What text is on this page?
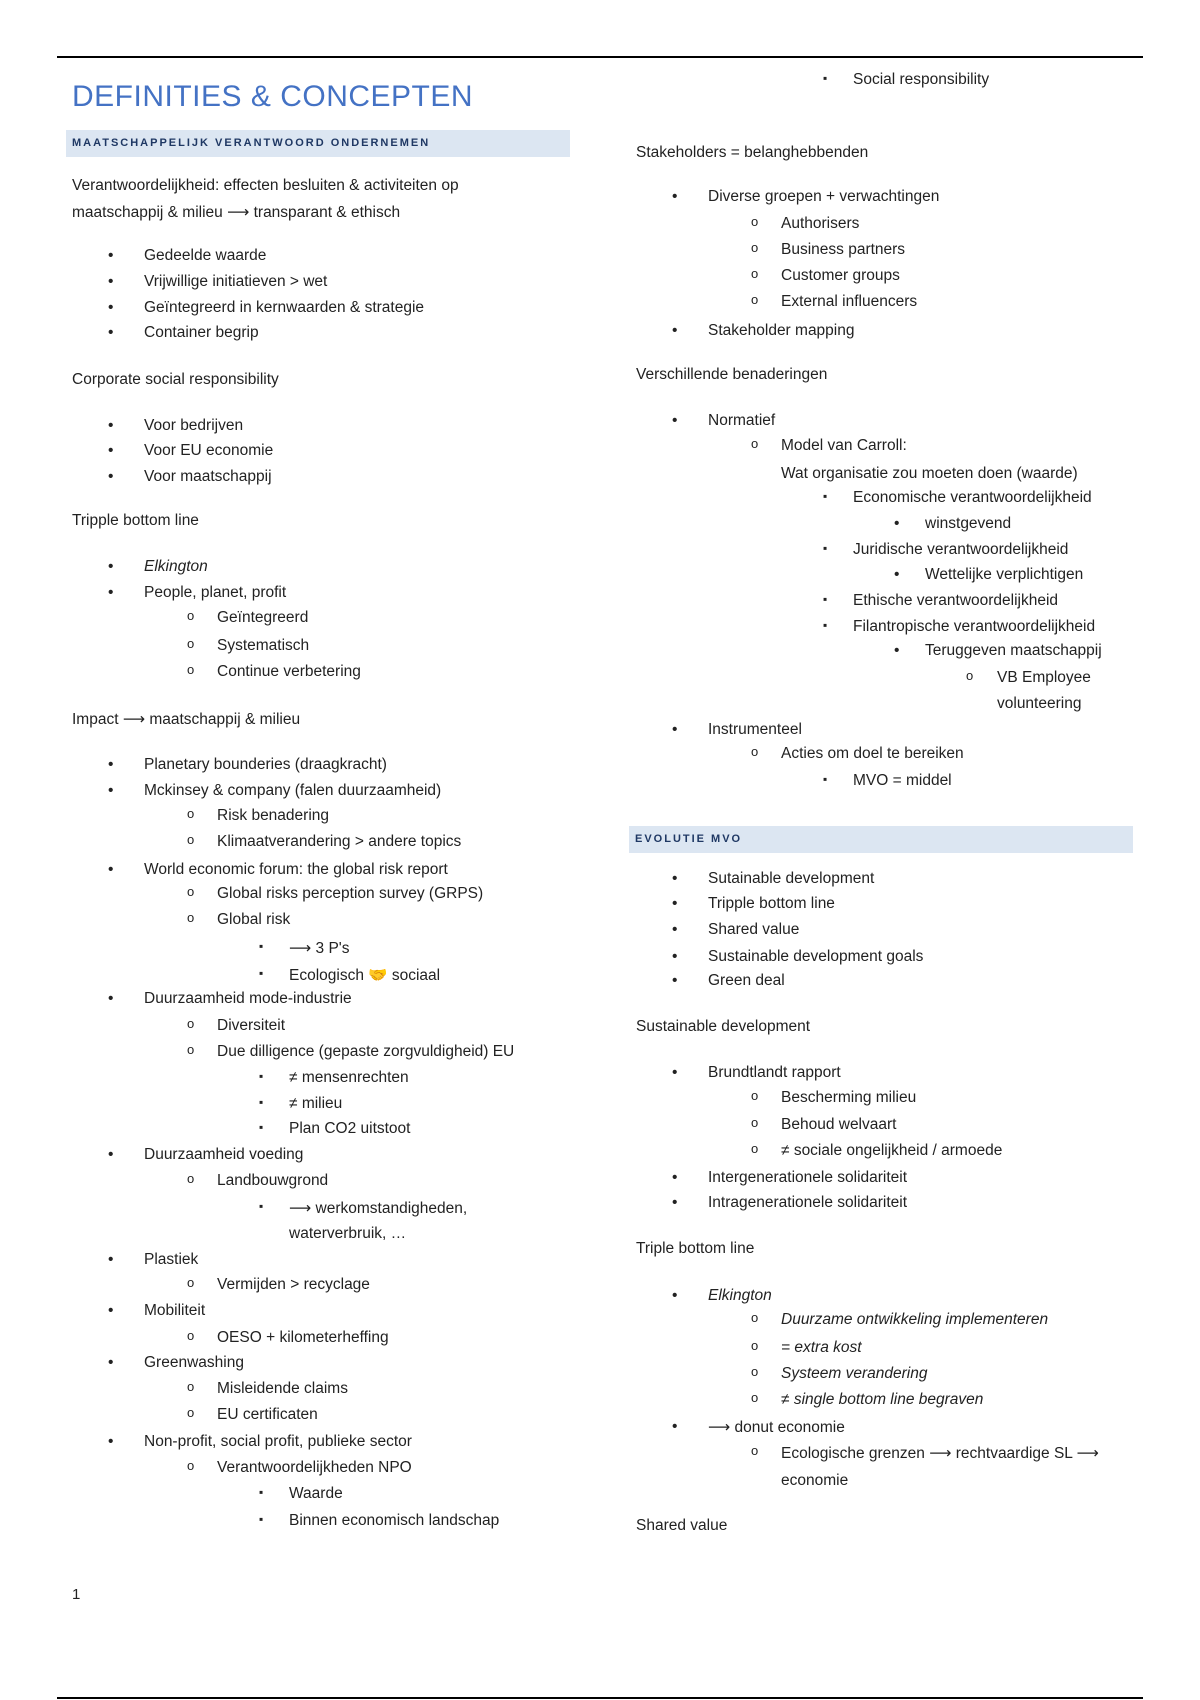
DEFINITIES & CONCEPTEN
MAATSCHAPPELIJK VERANTWOORD ONDERNEMEN
EVOLUTIE MVO
Verantwoordelijkheid: effecten besluiten & activiteiten op
maatschappij & milieu ⟶ transparant & ethisch
• Gedeelde waarde
• Vrijwillige initiatieven > wet
• Geïntegreerd in kernwaarden & strategie
• Container begrip
Corporate social responsibility
• Voor bedrijven
• Voor EU economie
• Voor maatschappij
Tripple bottom line
• Elkington
• People, planet, profit
o Geïntegreerd
o Systematisch
o Continue verbetering
Impact ⟶ maatschappij & milieu
• Planetary bounderies (draagkracht)
• Mckinsey & company (falen duurzaamheid)
o Risk benadering
o Klimaatverandering > andere topics
• World economic forum: the global risk report
o Global risks perception survey (GRPS)
o Global risk
▪ ⟶ 3 P's
▪ Ecologisch 🤝 sociaal
• Duurzaamheid mode-industrie
o Diversiteit
o Due dilligence (gepaste zorgvuldigheid) EU
▪ ≠ mensenrechten
▪ ≠ milieu
▪ Plan CO2 uitstoot
• Duurzaamheid voeding
o Landbouwgrond
▪ ⟶ werkomstandigheden,
waterverbruik, …
• Plastiek
o Vermijden > recyclage
• Mobiliteit
o OESO + kilometerheffing
• Greenwashing
o Misleidende claims
o EU certificaten
• Non-profit, social profit, publieke sector
o Verantwoordelijkheden NPO
▪ Waarde
▪ Binnen economisch landschap
▪ Social responsibility
Stakeholders = belanghebbenden
• Diverse groepen + verwachtingen
o Authorisers
o Business partners
o Customer groups
o External influencers
• Stakeholder mapping
Verschillende benaderingen
• Normatief
o Model van Carroll:
Wat organisatie zou moeten doen (waarde)
▪ Economische verantwoordelijkheid
• winstgevend
▪ Juridische verantwoordelijkheid
• Wettelijke verplichtigen
▪ Ethische verantwoordelijkheid
▪ Filantropische verantwoordelijkheid
• Teruggeven maatschappij
o VB Employee
volunteering
• Instrumenteel
o Acties om doel te bereiken
▪ MVO = middel
• Sutainable development
• Tripple bottom line
• Shared value
• Sustainable development goals
• Green deal
Sustainable development
• Brundtlandt rapport
o Bescherming milieu
o Behoud welvaart
o ≠ sociale ongelijkheid / armoede
• Intergenerationele solidariteit
• Intragenerationele solidariteit
Triple bottom line
• Elkington
o Duurzame ontwikkeling implementeren
o = extra kost
o Systeem verandering
o ≠ single bottom line begraven
• ⟶ donut economie
o Ecologische grenzen ⟶ rechtvaardige SL ⟶
economie
Shared value
1
